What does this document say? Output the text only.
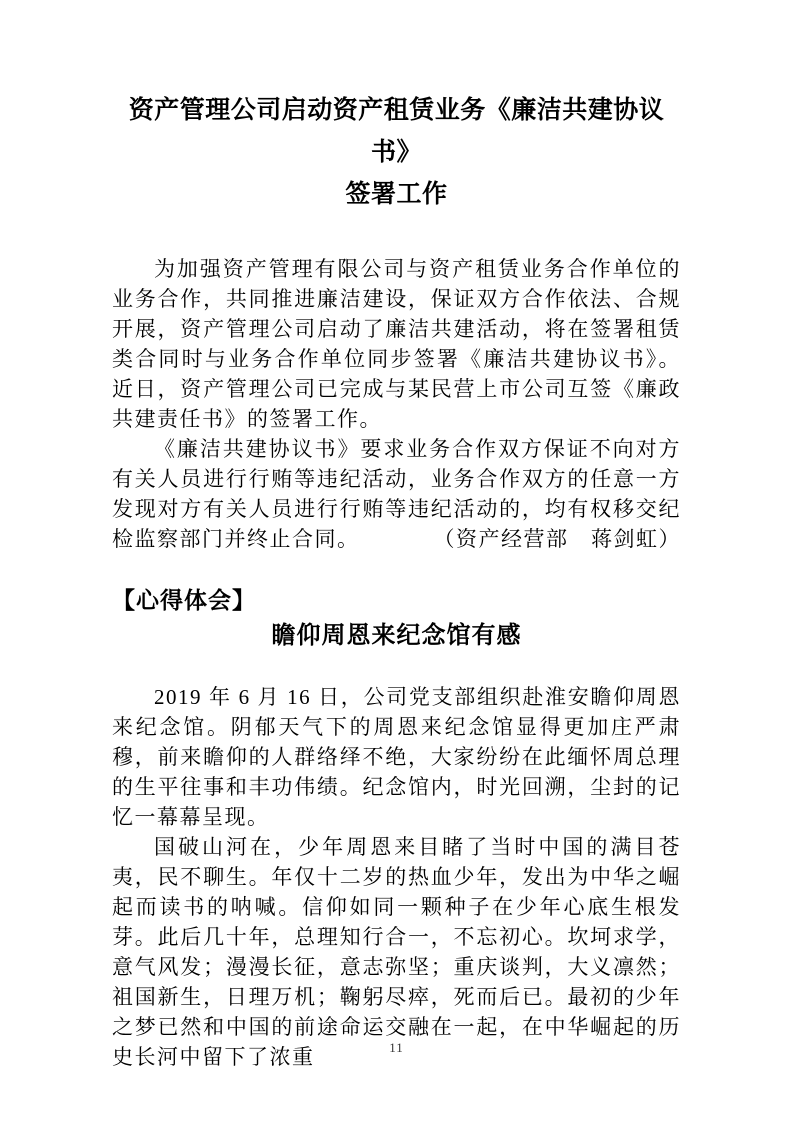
资产管理公司启动资产租赁业务《廉洁共建协议书》
签署工作

为加强资产管理有限公司与资产租赁业务合作单位的业务合作，共同推进廉洁建设，保证双方合作依法、合规开展，资产管理公司启动了廉洁共建活动，将在签署租赁类合同时与业务合作单位同步签署《廉洁共建协议书》。近日，资产管理公司已完成与某民营上市公司互签《廉政共建责任书》的签署工作。

《廉洁共建协议书》要求业务合作双方保证不向对方有关人员进行行贿等违纪活动，业务合作双方的任意一方发现对方有关人员进行行贿等违纪活动的，均有权移交纪检监察部门并终止合同。	（资产经营部　蒋剑虹）

【心得体会】
瞻仰周恩来纪念馆有感

2019 年 6 月 16 日，公司党支部组织赴淮安瞻仰周恩来纪念馆。阴郁天气下的周恩来纪念馆显得更加庄严肃穆，前来瞻仰的人群络绎不绝，大家纷纷在此缅怀周总理的生平往事和丰功伟绩。纪念馆内，时光回溯，尘封的记忆一幕幕呈现。

国破山河在，少年周恩来目睹了当时中国的满目苍夷，民不聊生。年仅十二岁的热血少年，发出为中华之崛起而读书的呐喊。信仰如同一颗种子在少年心底生根发芽。此后几十年，总理知行合一，不忘初心。坎坷求学，意气风发；漫漫长征，意志弥坚；重庆谈判，大义凛然；祖国新生，日理万机；鞠躬尽瘁，死而后已。最初的少年之梦已然和中国的前途命运交融在一起，在中华崛起的历史长河中留下了浓重	11
